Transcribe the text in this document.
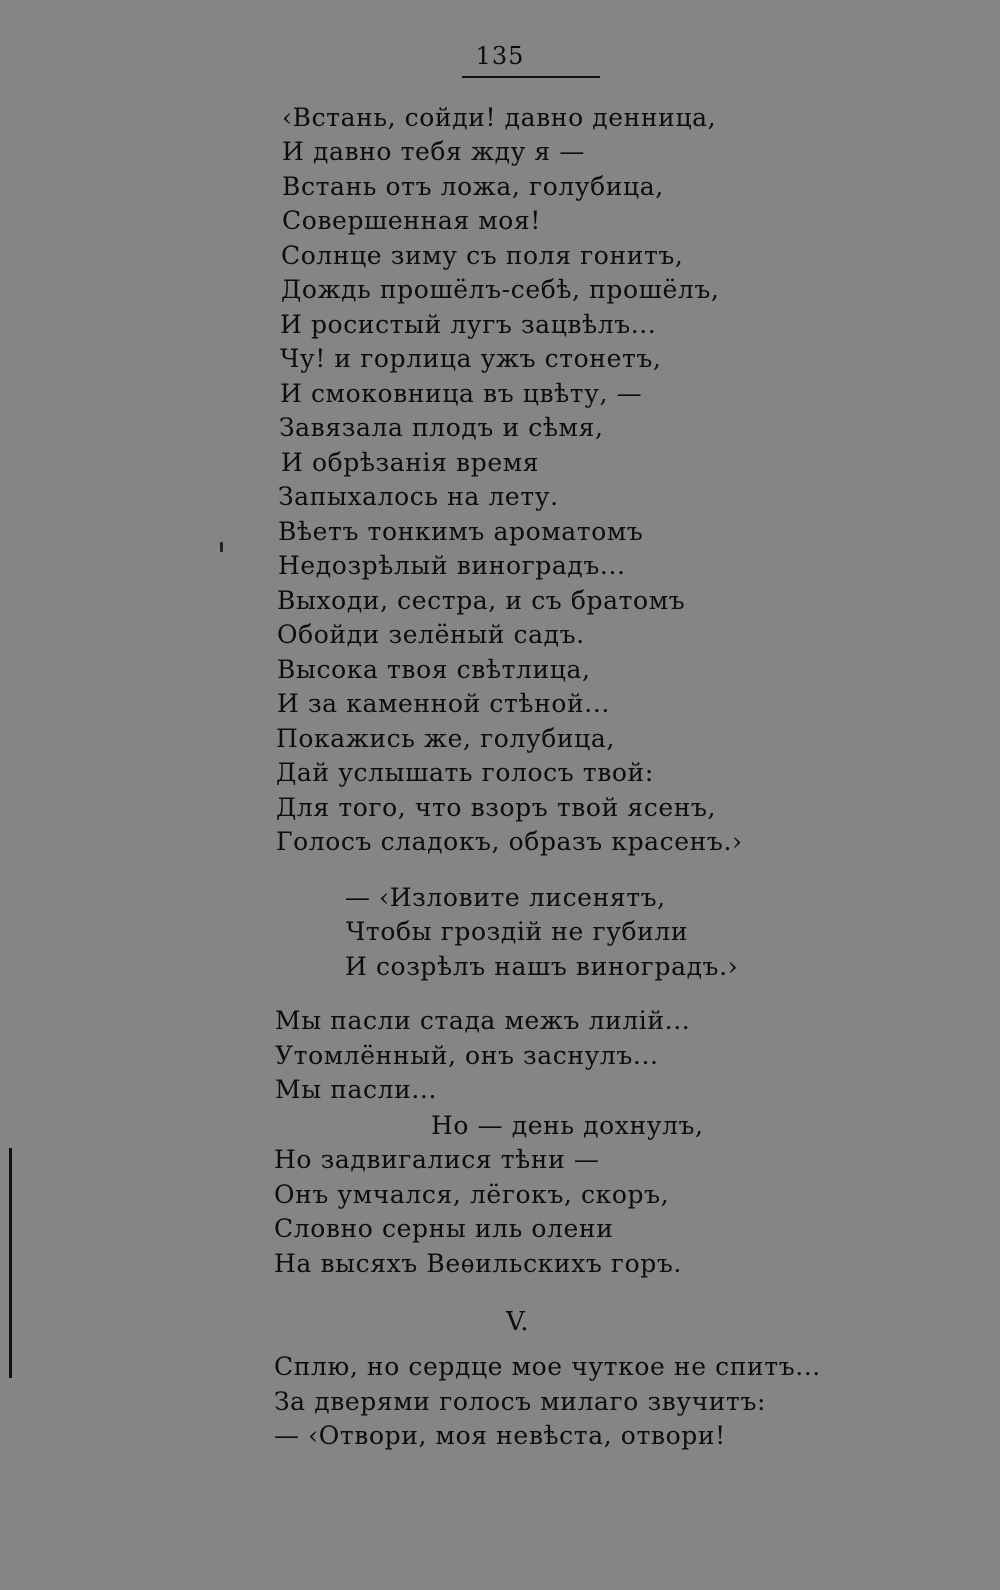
135
‹Встань, сойди! давно денница,
И давно тебя жду я —
Встань отъ ложа, голубица,
Совершенная моя!
Солнце зиму съ поля гонитъ,
Дождь прошёлъ-себѣ, прошёлъ,
И росистый лугъ зацвѣлъ...
Чу! и горлица ужъ стонетъ,
И смоковница въ цвѣту, —
Завязала плодъ и сѣмя,
И обрѣзанія время
Запыхалось на лету.
Вѣетъ тонкимъ ароматомъ
Недозрѣлый виноградъ...
Выходи, сестра, и съ братомъ
Обойди зелёный садъ.
Высока твоя свѣтлица,
И за каменной стѣной...
Покажись же, голубица,
Дай услышать голосъ твой:
Для того, что взоръ твой ясенъ,
Голосъ сладокъ, образъ красенъ.›
— ‹Изловите лисенятъ,
Чтобы гроздій не губили
И созрѣлъ нашъ виноградъ.›
Мы пасли стада межъ лилій...
Утомлённый, онъ заснулъ...
Мы пасли...
Но — день дохнулъ,
Но задвигалися тѣни —
Онъ умчался, лёгокъ, скоръ,
Словно серны иль олени
На высяхъ Веѳильскихъ горъ.
V.
Сплю, но сердце мое чуткое не спитъ...
За дверями голосъ милаго звучитъ:
— ‹Отвори, моя невѣста, отвори!
